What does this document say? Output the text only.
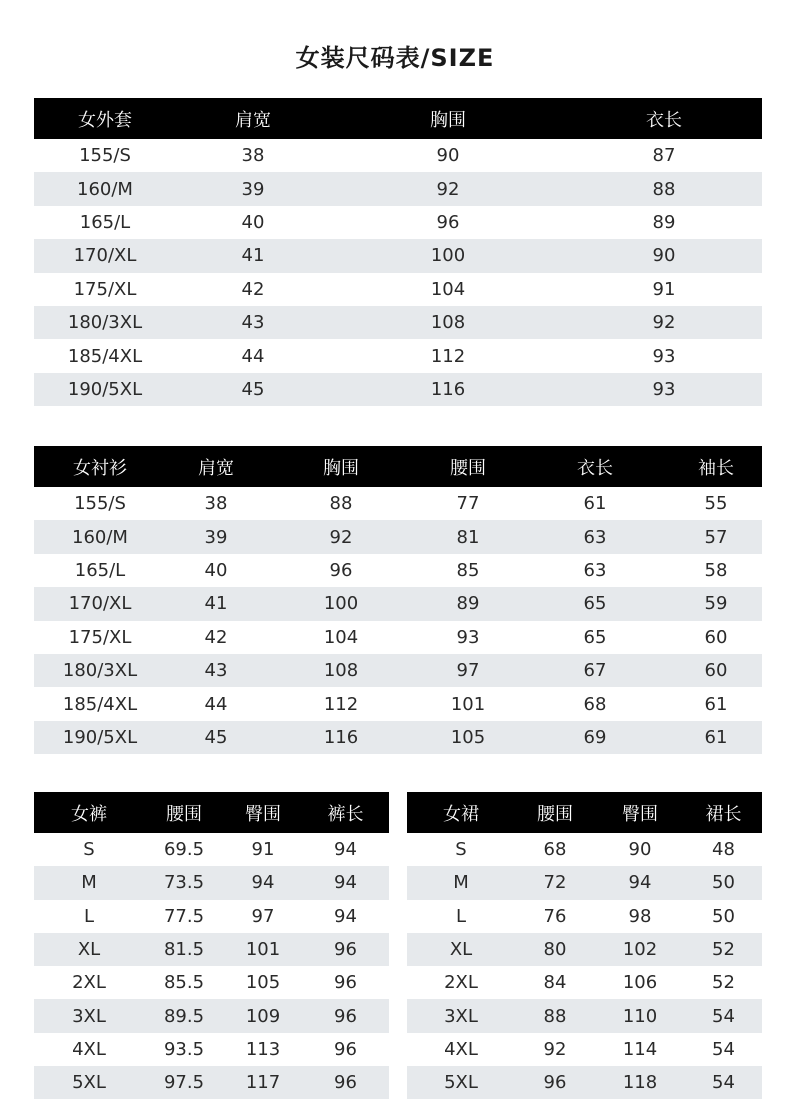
女装尺码表/SIZE
女外套	肩宽	胸围	衣长
155/S	38	90	87
160/M	39	92	88
165/L	40	96	89
170/XL	41	100	90
175/XL	42	104	91
180/3XL	43	108	92
185/4XL	44	112	93
190/5XL	45	116	93
女衬衫	肩宽	胸围	腰围	衣长	袖长
155/S	38	88	77	61	55
160/M	39	92	81	63	57
165/L	40	96	85	63	58
170/XL	41	100	89	65	59
175/XL	42	104	93	65	60
180/3XL	43	108	97	67	60
185/4XL	44	112	101	68	61
190/5XL	45	116	105	69	61
女裤	腰围	臀围	裤长
S	69.5	91	94
M	73.5	94	94
L	77.5	97	94
XL	81.5	101	96
2XL	85.5	105	96
3XL	89.5	109	96
4XL	93.5	113	96
5XL	97.5	117	96
女裙	腰围	臀围	裙长
S	68	90	48
M	72	94	50
L	76	98	50
XL	80	102	52
2XL	84	106	52
3XL	88	110	54
4XL	92	114	54
5XL	96	118	54
